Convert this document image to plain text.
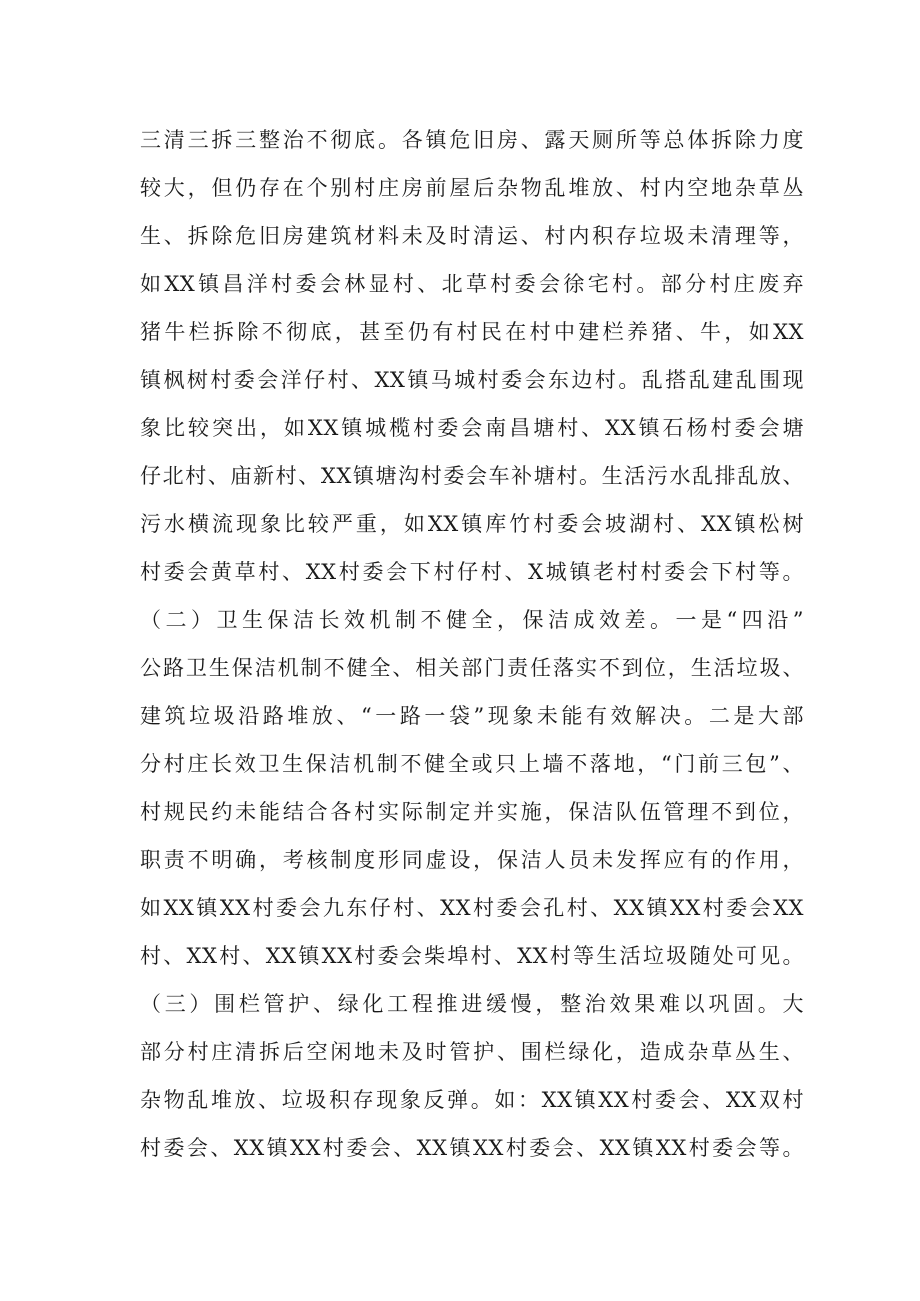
三清三拆三整治不彻底。各镇危旧房、露天厕所等总体拆除力度
较大，但仍存在个别村庄房前屋后杂物乱堆放、村内空地杂草丛
生、拆除危旧房建筑材料未及时清运、村内积存垃圾未清理等，
如XX镇昌洋村委会林显村、北草村委会徐宅村。部分村庄废弃
猪牛栏拆除不彻底，甚至仍有村民在村中建栏养猪、牛，如XX
镇枫树村委会洋仔村、XX镇马城村委会东边村。乱搭乱建乱围现
象比较突出，如XX镇城榄村委会南昌塘村、XX镇石杨村委会塘
仔北村、庙新村、XX镇塘沟村委会车补塘村。生活污水乱排乱放、
污水横流现象比较严重，如XX镇库竹村委会坡湖村、XX镇松树
村委会黄草村、XX村委会下村仔村、X城镇老村村委会下村等。
（二）卫生保洁长效机制不健全，保洁成效差。一是“四沿”
公路卫生保洁机制不健全、相关部门责任落实不到位，生活垃圾、
建筑垃圾沿路堆放、“一路一袋”现象未能有效解决。二是大部
分村庄长效卫生保洁机制不健全或只上墙不落地，“门前三包”、
村规民约未能结合各村实际制定并实施，保洁队伍管理不到位，
职责不明确，考核制度形同虚设，保洁人员未发挥应有的作用，
如XX镇XX村委会九东仔村、XX村委会孔村、XX镇XX村委会XX
村、XX村、XX镇XX村委会柴埠村、XX村等生活垃圾随处可见。
（三）围栏管护、绿化工程推进缓慢，整治效果难以巩固。大
部分村庄清拆后空闲地未及时管护、围栏绿化，造成杂草丛生、
杂物乱堆放、垃圾积存现象反弹。如：XX镇XX村委会、XX双村
村委会、XX镇XX村委会、XX镇XX村委会、XX镇XX村委会等。
